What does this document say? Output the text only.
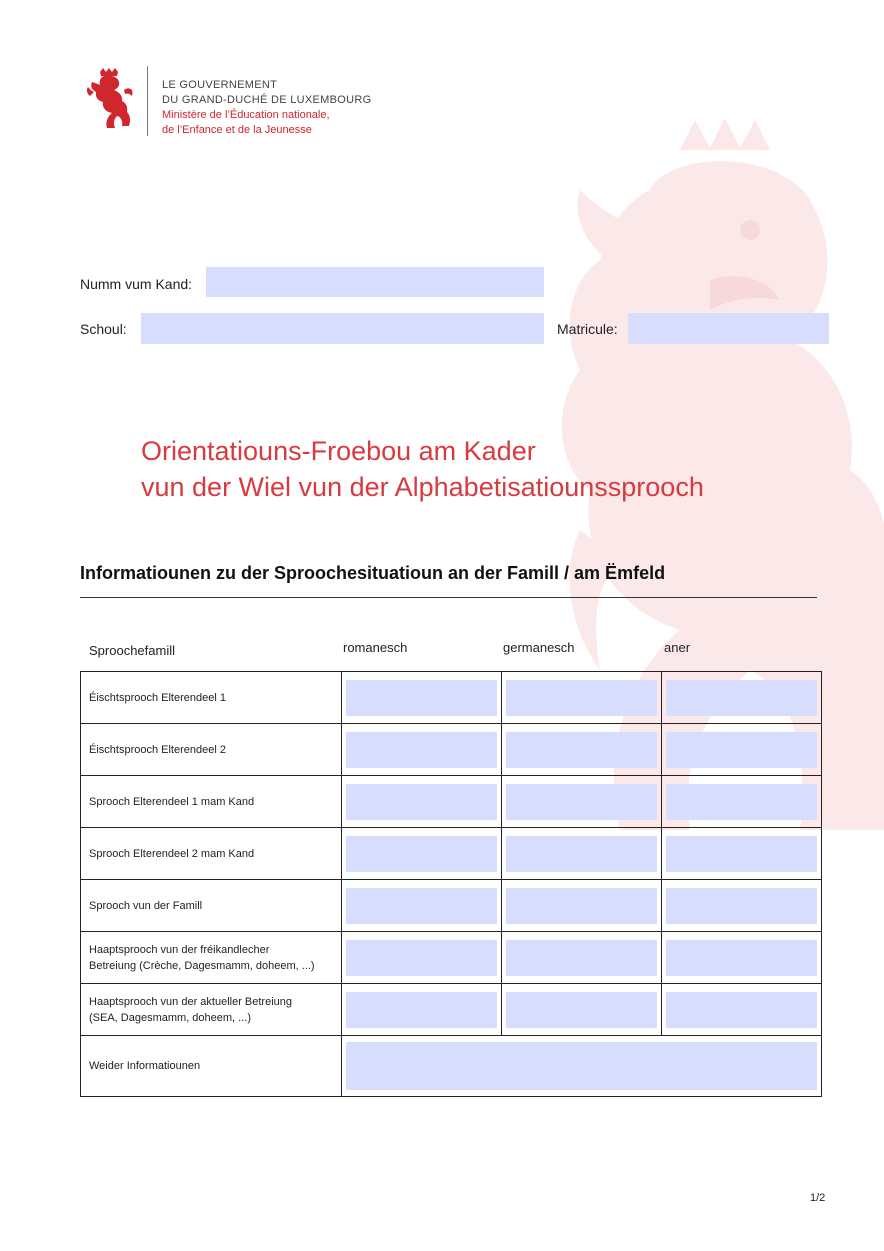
LE GOUVERNEMENT
DU GRAND-DUCHÉ DE LUXEMBOURG
Ministère de l’Éducation nationale,
de l’Enfance et de la Jeunesse
Numm vum Kand:
Schoul:	Matricule:
Orientatiouns-Froebou am Kader
vun der Wiel vun der Alphabetisatiounssprooch
Informatiounen zu der Sproochesituatioun an der Famill / am Ëmfeld
Sproochefamill	romanesch	germanesch	aner
Éischtsprooch Elterendeel 1	

Éischtsprooch Elterendeel 2	

Sprooch Elterendeel 1 mam Kand	

Sprooch Elterendeel 2 mam Kand	

Sprooch vun der Famill	

Haaptsprooch vun der fréikandlecher
Betreiung (Crèche, Dagesmamm, doheem, ...)			

Haaptsprooch vun der aktueller Betreiung
(SEA, Dagesmamm, doheem, ...)			

Weider Informatiounen			
1/2
